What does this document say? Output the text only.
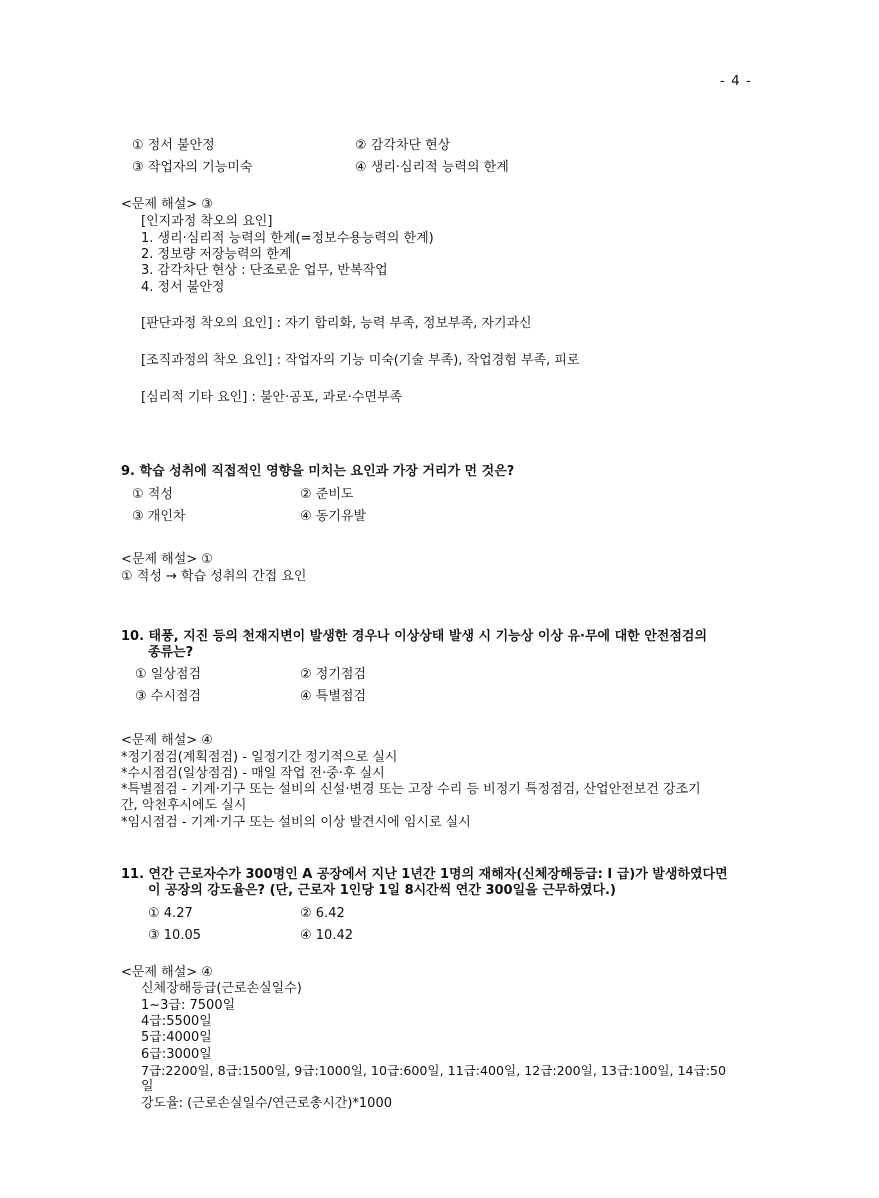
- 4 -
① 정서 불안정	② 감각차단 현상
③ 작업자의 기능미숙	④ 생리·심리적 능력의 한계
<문제 해설> ③
[인지과정 착오의 요인]
1. 생리·심리적 능력의 한계(=정보수용능력의 한계)
2. 정보량 저장능력의 한계
3. 감각차단 현상 : 단조로운 업무, 반복작업
4. 정서 불안정
[판단과정 착오의 요인] : 자기 합리화, 능력 부족, 정보부족, 자기과신
[조직과정의 착오 요인] : 작업자의 기능 미숙(기술 부족), 작업경험 부족, 피로
[심리적 기타 요인] : 불안·공포, 과로·수면부족
9. 학습 성취에 직접적인 영향을 미치는 요인과 가장 거리가 먼 것은?
① 적성	② 준비도
③ 개인차	④ 동기유발
<문제 해설> ①
① 적성 → 학습 성취의 간접 요인
10. 태풍, 지진 등의 천재지변이 발생한 경우나 이상상태 발생 시 기능상 이상 유·무에 대한 안전점검의
종류는?
① 일상점검	② 정기점검
③ 수시점검	④ 특별점검
<문제 해설> ④
*정기점검(계획점검) - 일정기간 정기적으로 실시
*수시점검(일상점검) - 매일 작업 전·중·후 실시
*특별점검 - 기계·기구 또는 설비의 신설·변경 또는 고장 수리 등 비정기 특정점검, 산업안전보건 강조기
간, 악천후시에도 실시
*임시점검 - 기계·기구 또는 설비의 이상 발견시에 임시로 실시
11. 연간 근로자수가 300명인 A 공장에서 지난 1년간 1명의 재해자(신체장해등급: I 급)가 발생하였다면
이 공장의 강도율은? (단, 근로자 1인당 1일 8시간씩 연간 300일을 근무하였다.)
① 4.27	② 6.42
③ 10.05	④ 10.42
<문제 해설> ④
신체장해등급(근로손실일수)
1~3급: 7500일
4급:5500일
5급:4000일
6급:3000일
7급:2200일, 8급:1500일, 9급:1000일, 10급:600일, 11급:400일, 12급:200일, 13급:100일, 14급:50
일
강도율: (근로손실일수/연근로총시간)*1000
